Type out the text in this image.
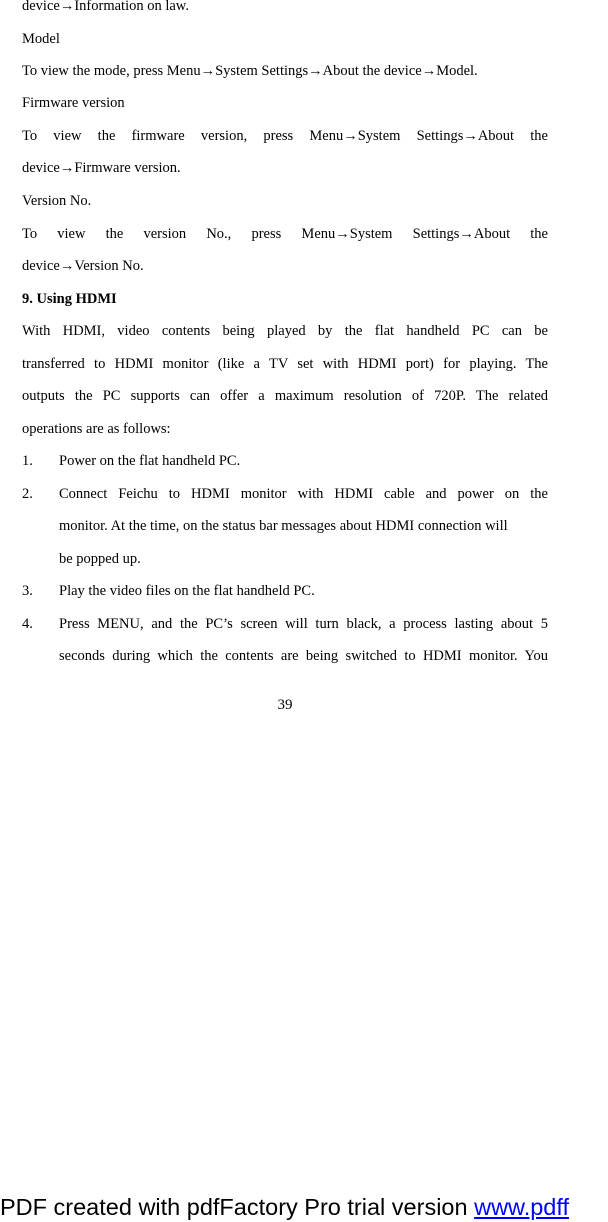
device→Information on law.
Model
To view the mode, press Menu→System Settings→About the device→Model.
Firmware version
To view the firmware version, press Menu→System Settings→About the
device→Firmware version.
Version No.
To view the version No., press Menu→System Settings→About the
device→Version No.
9. Using HDMI
With HDMI, video contents being played by the flat handheld PC can be
transferred to HDMI monitor (like a TV set with HDMI port) for playing. The
outputs the PC supports can offer a maximum resolution of 720P. The related
operations are as follows:
1. Power on the flat handheld PC.
2. Connect Feichu to HDMI monitor with HDMI cable and power on the
monitor. At the time, on the status bar messages about HDMI connection will
be popped up.
3. Play the video files on the flat handheld PC.
4. Press MENU, and the PC’s screen will turn black, a process lasting about 5
seconds during which the contents are being switched to HDMI monitor. You
39
PDF created with pdfFactory Pro trial version www.pdff
